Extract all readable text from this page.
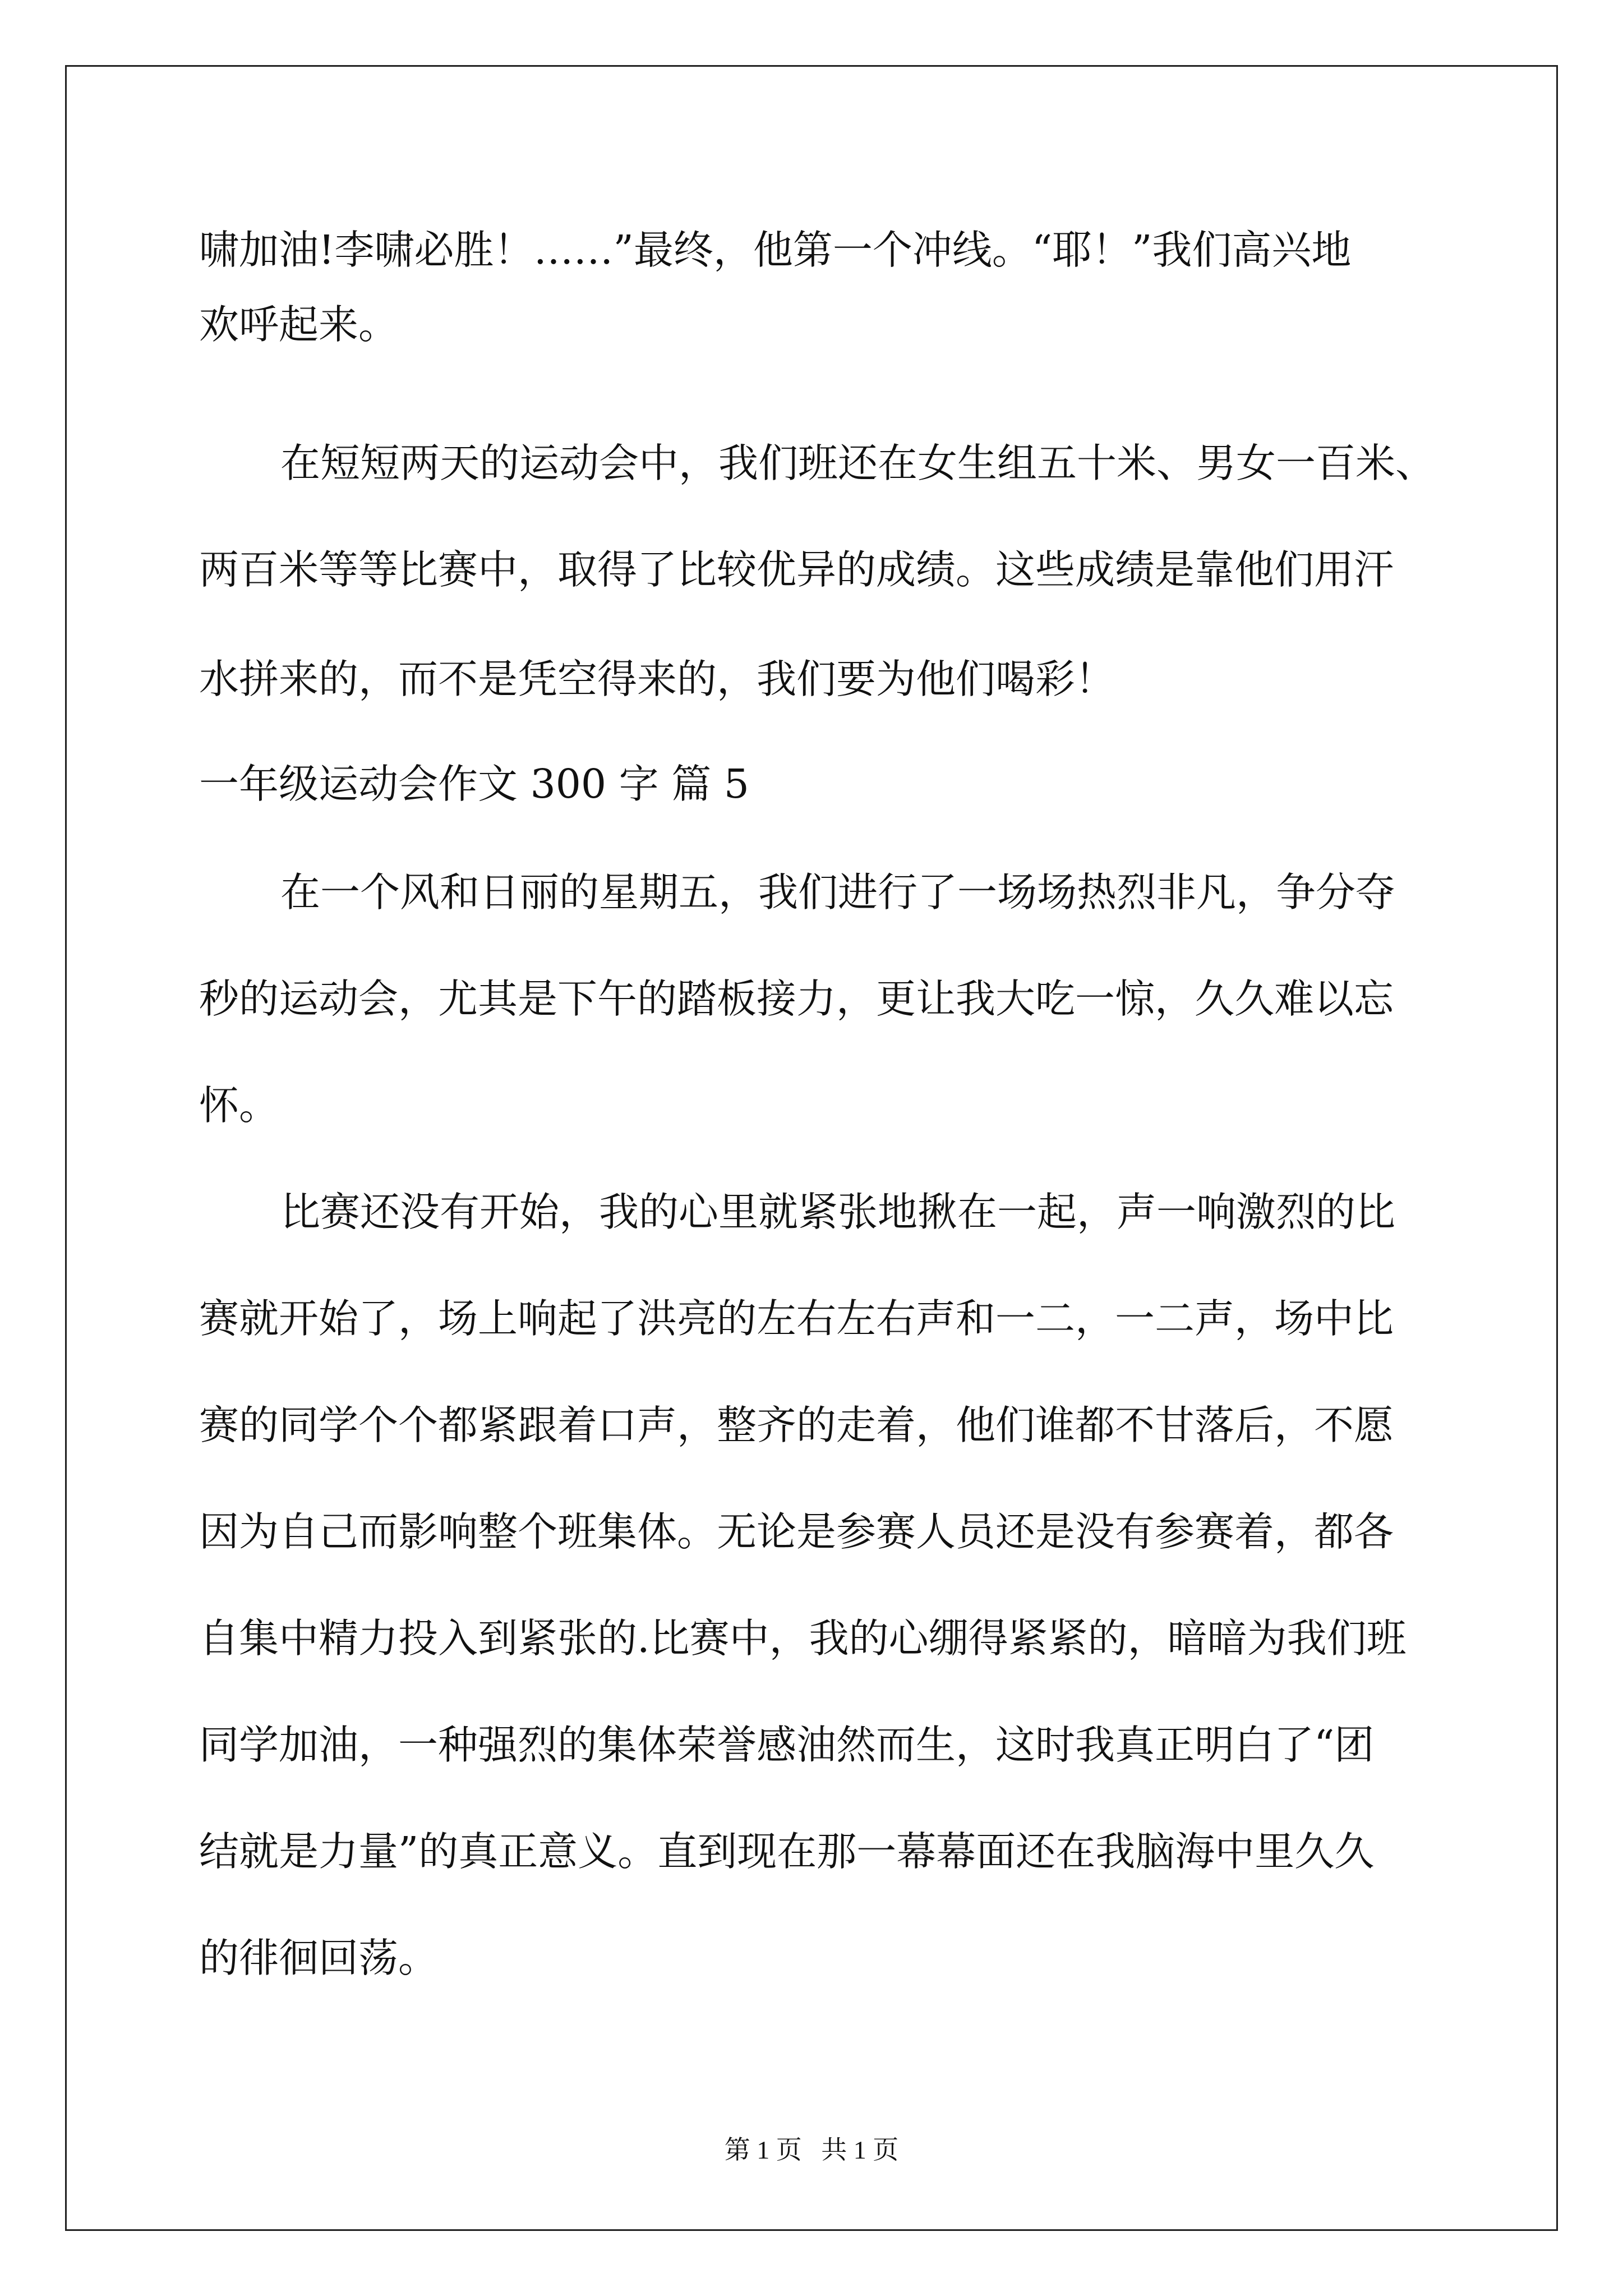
啸加油!李啸必胜！……”最终，他第一个冲线。“耶！”我们高兴地

欢呼起来。

在短短两天的运动会中，我们班还在女生组五十米、男女一百米、

两百米等等比赛中，取得了比较优异的成绩。这些成绩是靠他们用汗

水拼来的，而不是凭空得来的，我们要为他们喝彩！

一年级运动会作文 300 字 篇 5

在一个风和日丽的星期五，我们进行了一场场热烈非凡，争分夺

秒的运动会，尤其是下午的踏板接力，更让我大吃一惊，久久难以忘

怀。

比赛还没有开始，我的心里就紧张地揪在一起，声一响激烈的比

赛就开始了，场上响起了洪亮的左右左右声和一二，一二声，场中比

赛的同学个个都紧跟着口声，整齐的走着，他们谁都不甘落后，不愿

因为自己而影响整个班集体。无论是参赛人员还是没有参赛着，都各

自集中精力投入到紧张的.比赛中，我的心绷得紧紧的，暗暗为我们班

同学加油，一种强烈的集体荣誉感油然而生，这时我真正明白了“团

结就是力量”的真正意义。直到现在那一幕幕面还在我脑海中里久久

的徘徊回荡。

第 1 页   共 1 页
